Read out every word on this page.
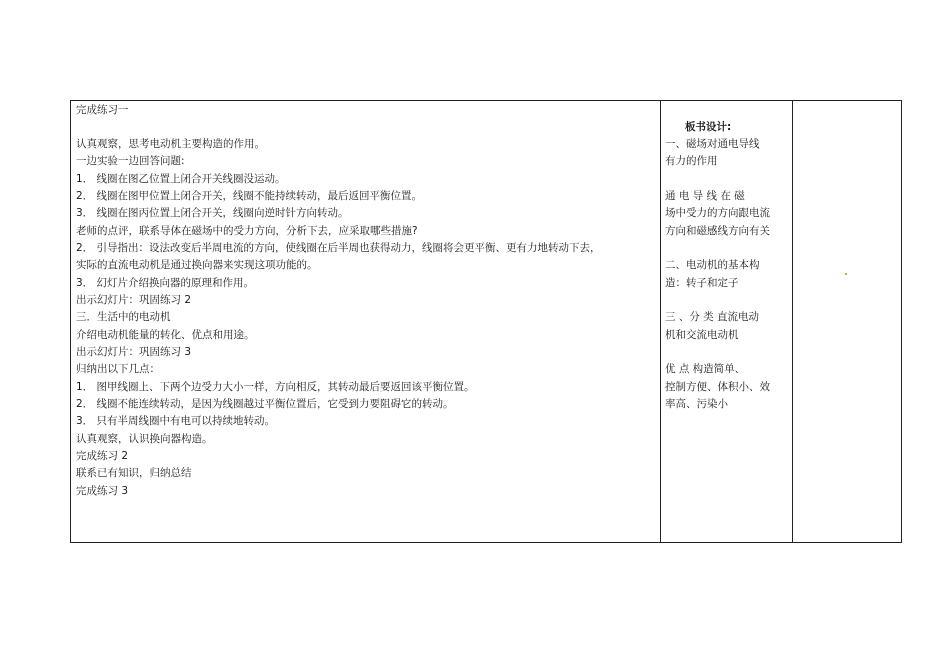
完成练习一
认真观察，思考电动机主要构造的作用。
一边实验一边回答问题:
1． 线圈在图乙位置上闭合开关线圈没运动。
2． 线圈在图甲位置上闭合开关，线圈不能持续转动，最后返回平衡位置。
3． 线圈在图丙位置上闭合开关，线圈向逆时针方向转动。
老师的点评，联系导体在磁场中的受力方向，分析下去，应采取哪些措施?
2． 引导指出：设法改变后半周电流的方向，使线圈在后半周也获得动力，线圈将会更平衡、更有力地转动下去，
实际的直流电动机是通过换向器来实现这项功能的。
3． 幻灯片介绍换向器的原理和作用。
出示幻灯片：巩固练习 2
三．生活中的电动机
介绍电动机能量的转化、优点和用途。
出示幻灯片：巩固练习 3
归纳出以下几点：
1． 图甲线圈上、下两个边受力大小一样，方向相反，其转动最后要返回该平衡位置。
2． 线圈不能连续转动，是因为线圈越过平衡位置后，它受到力要阻碍它的转动。
3． 只有半周线圈中有电可以持续地转动。
认真观察，认识换向器构造。
完成练习 2
联系已有知识，归纳总结
完成练习 3
板书设计:
一、磁场对通电导线
有力的作用
通 电 导 线 在 磁
场中受力的方向跟电流
方向和磁感线方向有关
二、电动机的基本构
造：转子和定子
三 、分 类 直流电动
机和交流电动机
优 点 构造简单、
控制方便、体积小、效
率高、污染小
